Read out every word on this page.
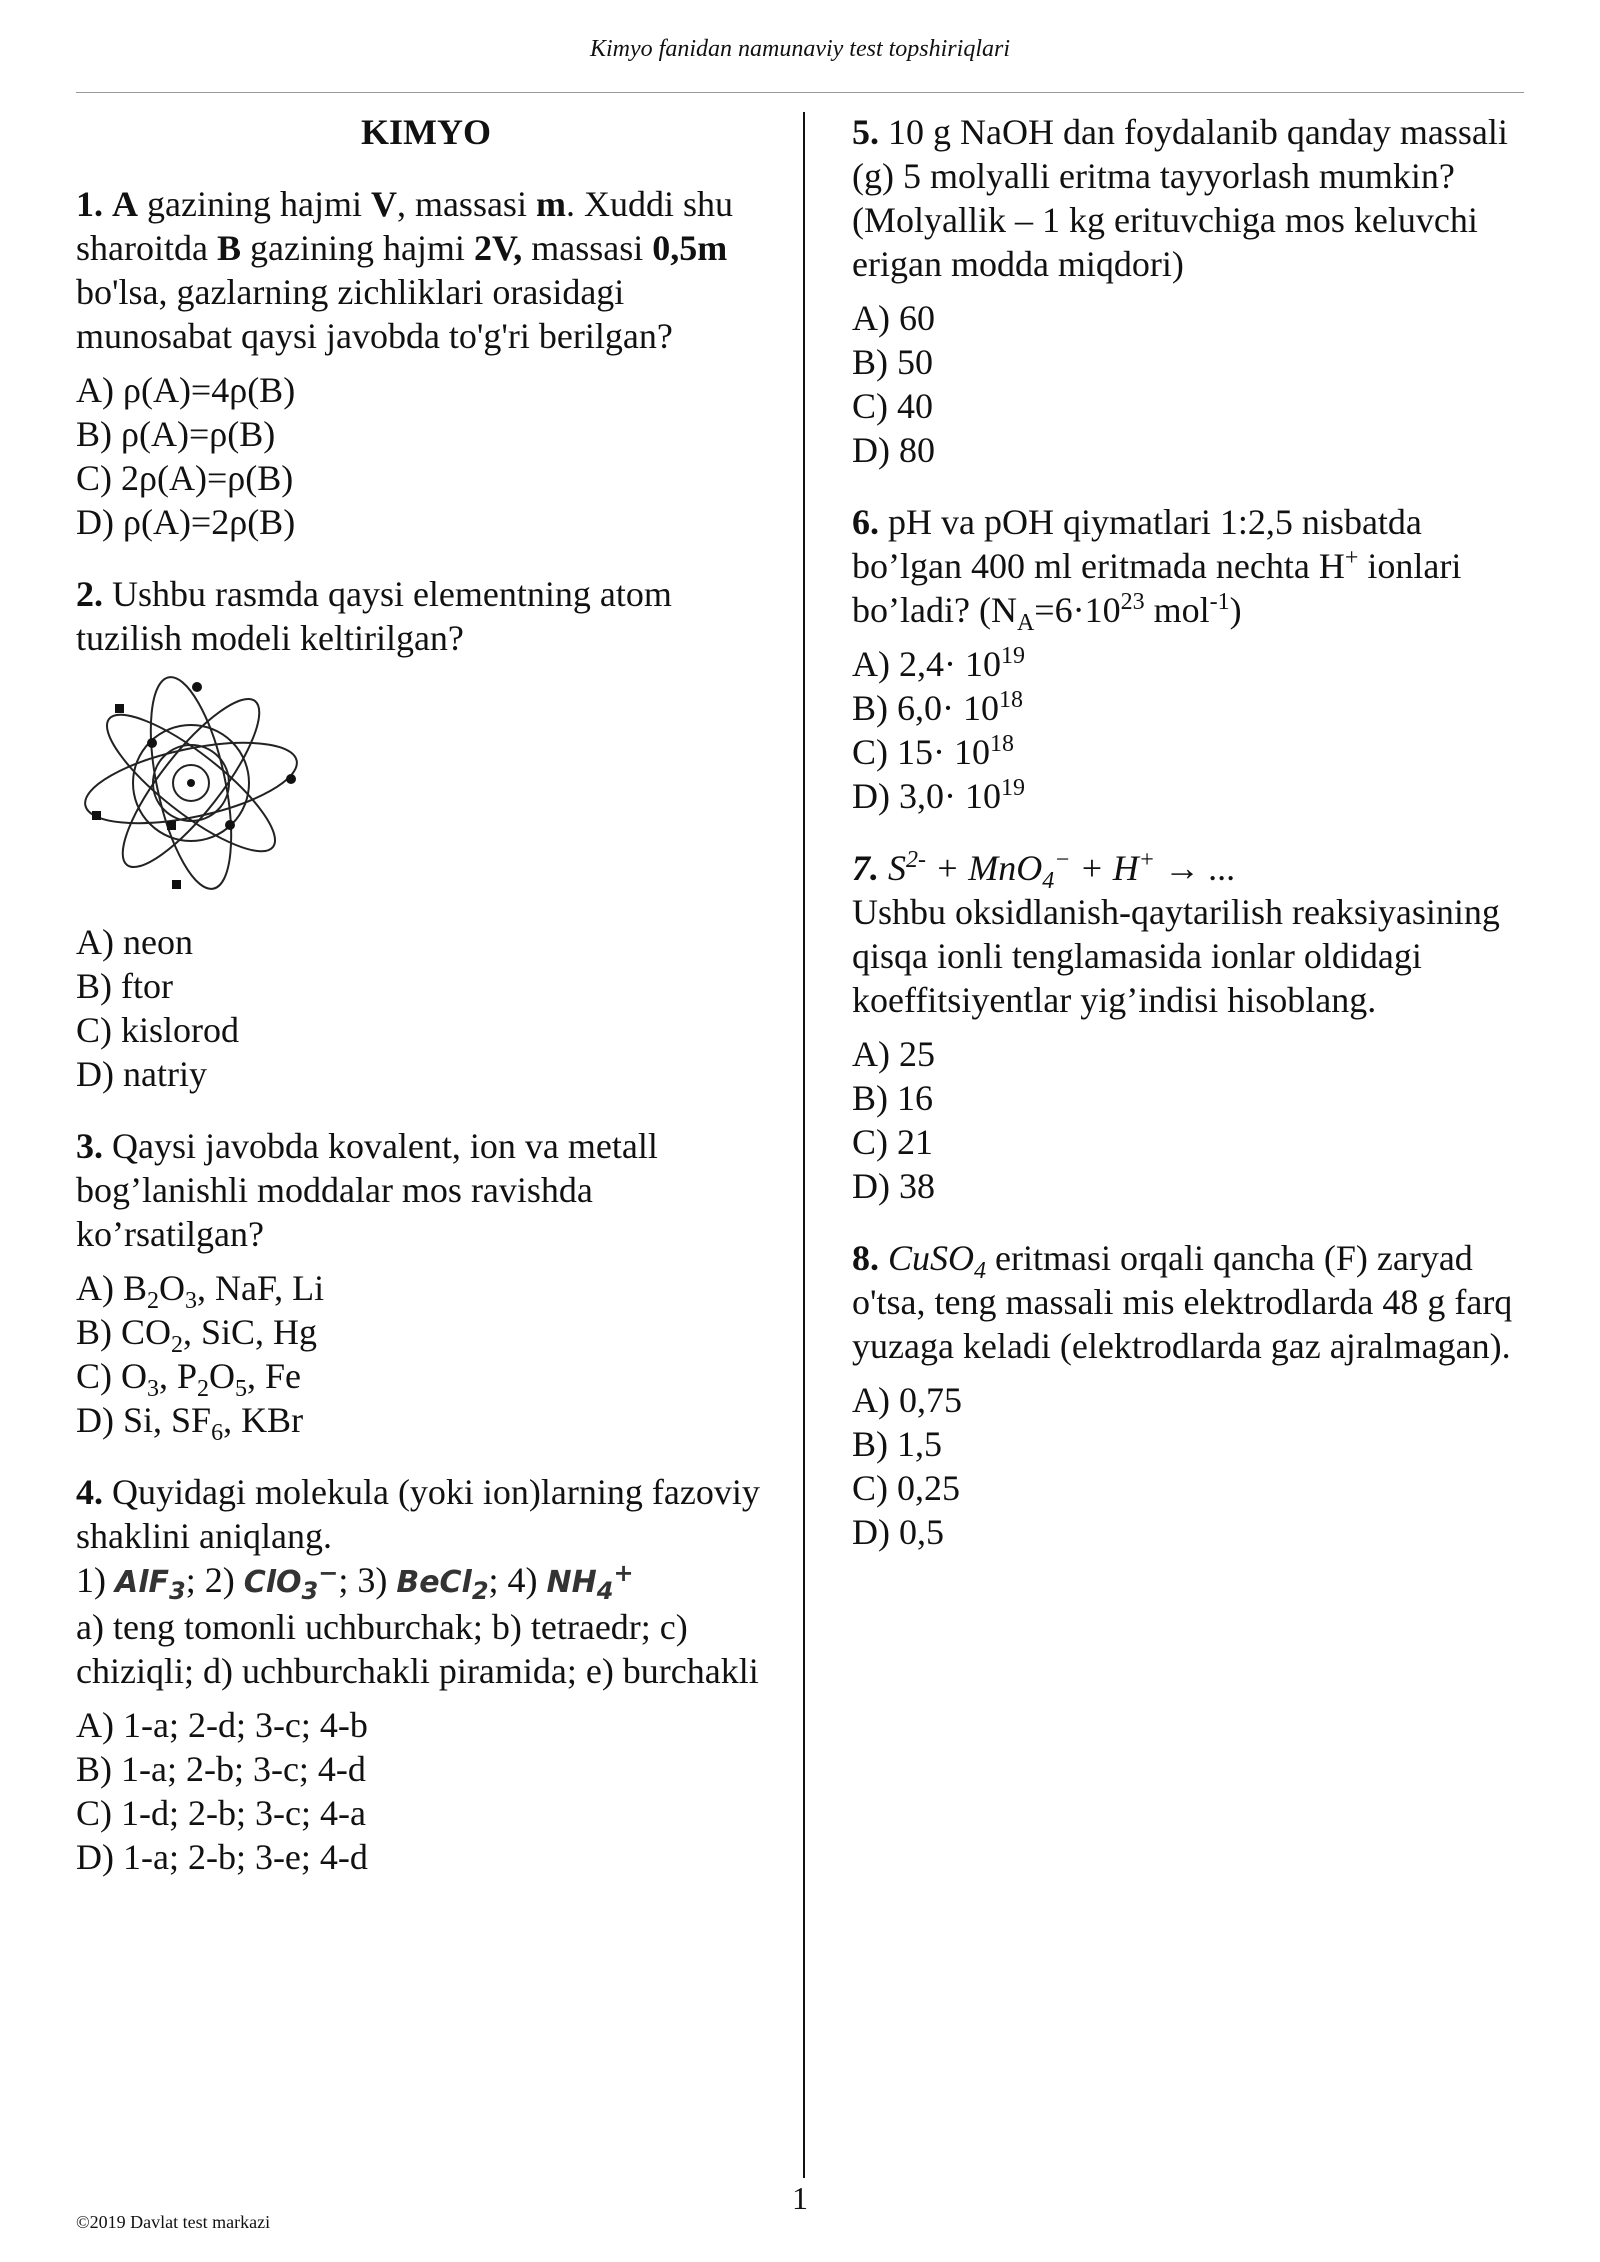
Kimyo fanidan namunaviy test topshiriqlari
KIMYO

1. A gazining hajmi V, massasi m. Xuddi shu sharoitda B gazining hajmi 2V, massasi 0,5m bo'lsa, gazlarning zichliklari orasidagi munosabat qaysi javobda to'g'ri berilgan?

A) ρ(A)=4ρ(B)
B) ρ(A)=ρ(B)
C) 2ρ(A)=ρ(B)
D) ρ(A)=2ρ(B)

2. Ushbu rasmda qaysi elementning atom tuzilish modeli keltirilgan?

A) neon
B) ftor
C) kislorod
D) natriy

3. Qaysi javobda kovalent, ion va metall bog’lanishli moddalar mos ravishda ko’rsatilgan?

A) $B_2O_3$, NaF, Li
B) $CO_2$, SiC, Hg
C) $O_3$, $P_2O_5$, Fe
D) Si, $SF_6$, KBr

4. Quyidagi molekula (yoki ion)larning fazoviy shaklini aniqlang.

1) AlF$_3$; 2) ClO$_3$−; 3) BeCl$_2$; 4) $NH_4^+$

a) teng tomonli uchburchak; b) tetraedr; c) chiziqli; d) uchburchakli piramida; e) burchakli

A) 1-a; 2-d; 3-c; 4-b
B) 1-a; 2-b; 3-c; 4-d
C) 1-d; 2-b; 3-c; 4-a
D) 1-a; 2-b; 3-e; 4-d

5. 10 g NaOH dan foydalanib qanday massali (g) 5 molyalli eritma tayyorlash mumkin?

(Molyallik – 1 kg erituvchiga mos keluvchi erigan modda miqdori)

A) 60
B) 50
C) 40
D) 80

6. pH va pOH qiymatlari 1:2,5 nisbatda bo’lgan 400 ml eritmada nechta H+ ionlari bo’ladi? ($N_A=6\cdot 10^{23}$ mol$^{-1}$)

A) $2,4\cdot 10^{19}$
B) $6,0\cdot 10^{18}$
C) $15\cdot 10^{18}$
D) $3,0\cdot 10^{19}$

7. $S^{2-} + MnO_4^- + H^+$ → ...

Ushbu oksidlanish-qaytarilish reaksiyasining qisqa ionli tenglamasida ionlar oldidagi koeffitsiyentlar yig’indisi hisoblang.

A) 25
B) 16
C) 21
D) 38

8. CuSO$_4$ eritmasi orqali qancha (F) zaryad o'tsa, teng massali mis elektrodlarda 48 g farq yuzaga keladi (elektrodlarda gaz ajralmagan).

A) 0,75
B) 1,5
C) 0,25
D) 0,5
1
©2019 Davlat test markazi
